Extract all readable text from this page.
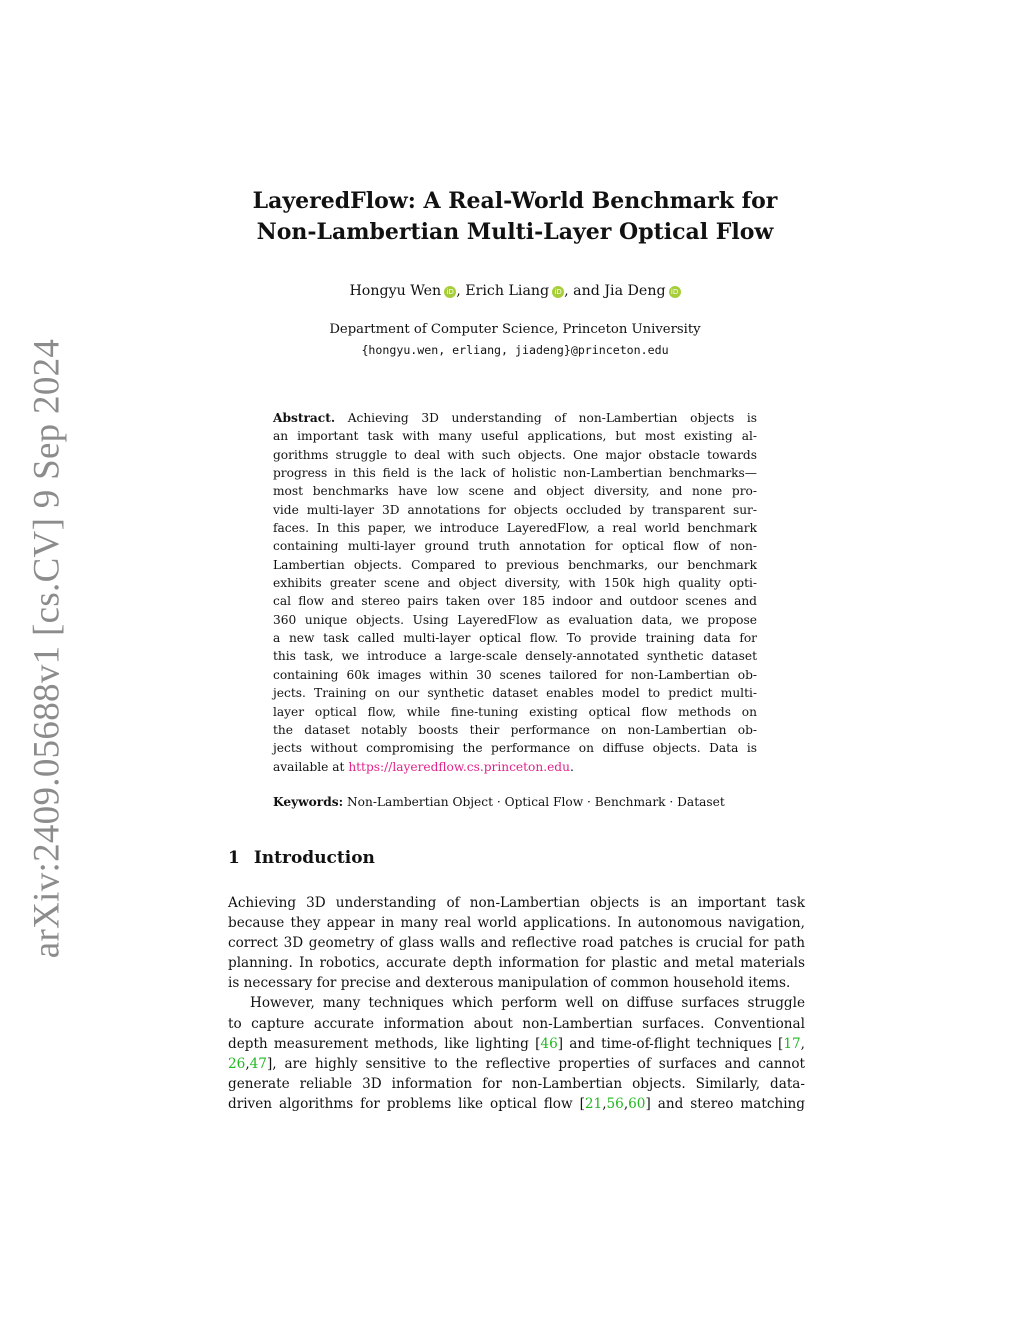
arXiv:2409.05688v1 [cs.CV] 9 Sep 2024
LayeredFlow: A Real-World Benchmark for
Non-Lambertian Multi-Layer Optical Flow
Hongyu Wen iD , Erich Liang iD , and Jia Deng iD
Department of Computer Science, Princeton University
{hongyu.wen, erliang, jiadeng}@princeton.edu
Abstract. Achieving 3D understanding of non-Lambertian objects is
an important task with many useful applications, but most existing al-
gorithms struggle to deal with such objects. One major obstacle towards
progress in this field is the lack of holistic non-Lambertian benchmarks—
most benchmarks have low scene and object diversity, and none pro-
vide multi-layer 3D annotations for objects occluded by transparent sur-
faces. In this paper, we introduce LayeredFlow, a real world benchmark
containing multi-layer ground truth annotation for optical flow of non-
Lambertian objects. Compared to previous benchmarks, our benchmark
exhibits greater scene and object diversity, with 150k high quality opti-
cal flow and stereo pairs taken over 185 indoor and outdoor scenes and
360 unique objects. Using LayeredFlow as evaluation data, we propose
a new task called multi-layer optical flow. To provide training data for
this task, we introduce a large-scale densely-annotated synthetic dataset
containing 60k images within 30 scenes tailored for non-Lambertian ob-
jects. Training on our synthetic dataset enables model to predict multi-
layer optical flow, while fine-tuning existing optical flow methods on
the dataset notably boosts their performance on non-Lambertian ob-
jects without compromising the performance on diffuse objects. Data is
available at https://layeredflow.cs.princeton.edu.
Keywords: Non-Lambertian Object · Optical Flow · Benchmark · Dataset
1 Introduction
Achieving 3D understanding of non-Lambertian objects is an important task
because they appear in many real world applications. In autonomous navigation,
correct 3D geometry of glass walls and reflective road patches is crucial for path
planning. In robotics, accurate depth information for plastic and metal materials
is necessary for precise and dexterous manipulation of common household items.
However, many techniques which perform well on diffuse surfaces struggle
to capture accurate information about non-Lambertian surfaces. Conventional
depth measurement methods, like lighting [46] and time-of-flight techniques [17,
26,47], are highly sensitive to the reflective properties of surfaces and cannot
generate reliable 3D information for non-Lambertian objects. Similarly, data-
driven algorithms for problems like optical flow [21,56,60] and stereo matching
